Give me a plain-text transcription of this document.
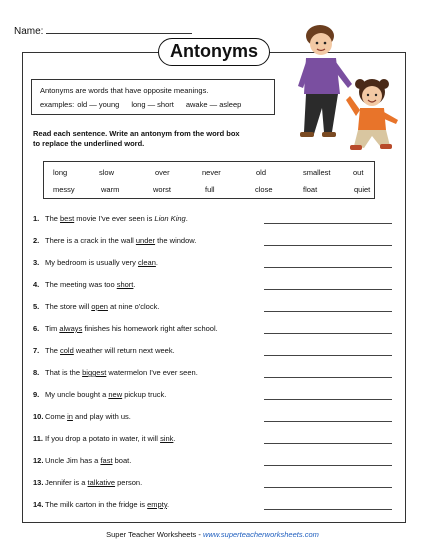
Name:
Antonyms
Antonyms are words that have opposite meanings.
examples: old — young long — short awake — asleep
Read each sentence. Write an antonym from the word box
to replace the underlined word.
long	slow	over	never	old	smallest	out
messy	warm	worst	full	close	float	quiet
1. The best movie I've ever seen is Lion King.
2. There is a crack in the wall under the window.
3. My bedroom is usually very clean.
4. The meeting was too short.
5. The store will open at nine o'clock.
6. Tim always finishes his homework right after school.
7. The cold weather will return next week.
8. That is the biggest watermelon I've ever seen.
9. My uncle bought a new pickup truck.
10. Come in and play with us.
11. If you drop a potato in water, it will sink.
12. Uncle Jim has a fast boat.
13. Jennifer is a talkative person.
14. The milk carton in the fridge is empty.
Super Teacher Worksheets - www.superteacherworksheets.com
